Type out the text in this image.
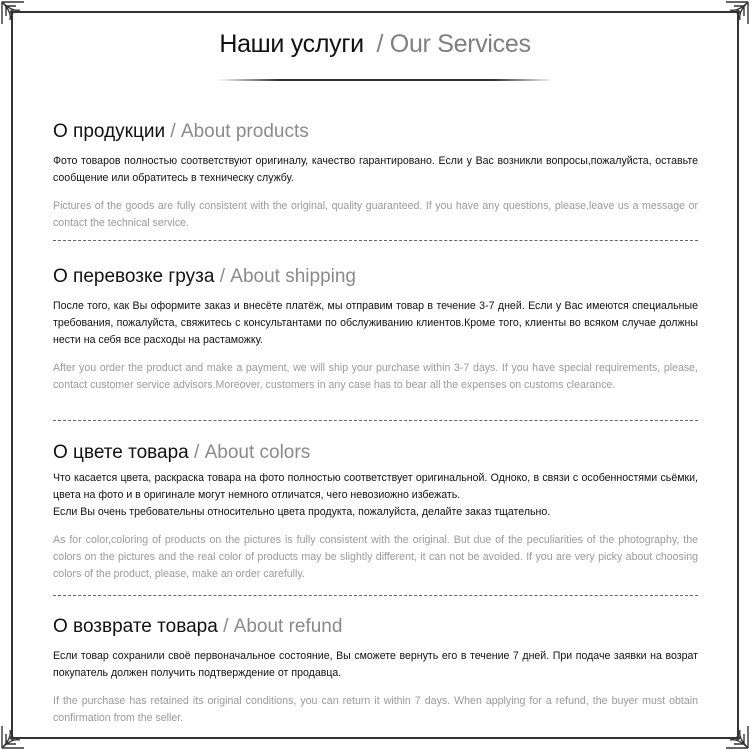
Наши услуги / Our Services
О продукции / About products
Фото товаров полностью соответствуют оригиналу, качество гарантировано. Если у Вас возникли вопросы,пожалуйста, оставьте сообщение или обратитесь в техническу службу.
Pictures of the goods are fully consistent with the original, quality guaranteed. If you have any questions, please,leave us a message or contact the technical service.
О перевозке груза / About shipping
После того, как Вы оформите заказ и внесёте платёж, мы отправим товар в течение 3-7 дней. Если у Вас имеются специальные требования, пожалуйста, свяжитесь с консультантами по обслуживанию клиентов.Кроме того, клиенты во всяком случае должны нести на себя все расходы на растаможку.
After you order the product and make a payment, we will ship your purchase within 3-7 days. If you have special requirements, please, contact customer service advisors.Moreover, customers in any case has to bear all the expenses on customs clearance.
О цвете товара / About colors
Что касается цвета, раскраска товара на фото полностью соответствует оригинальной. Одноко, в связи с особенностями сьёмки, цвета на фото и в оригинале могут немного отличатся, чего невозиожно избежать.
Если Вы очень требовательны относительно цвета продукта, пожалуйста, делайте заказ тщательно.
As for color,coloring of products on the pictures is fully consistent with the original. But due of the peculiarities of the photography, the colors on the pictures and the real color of products may be slightly different, it can not be avoided. If you are very picky about choosing colors of the product, please, make an order carefully.
О возврате товара / About refund
Если товар сохранили своё первоначальное состояние, Вы сможете вернуть его в течение 7 дней. При подаче заявки на возрат покупатель должен получить подтверждение от продавца.
If the purchase has retained its original conditions, you can return it within 7 days. When applying for a refund, the buyer must obtain confirmation from the seller.
